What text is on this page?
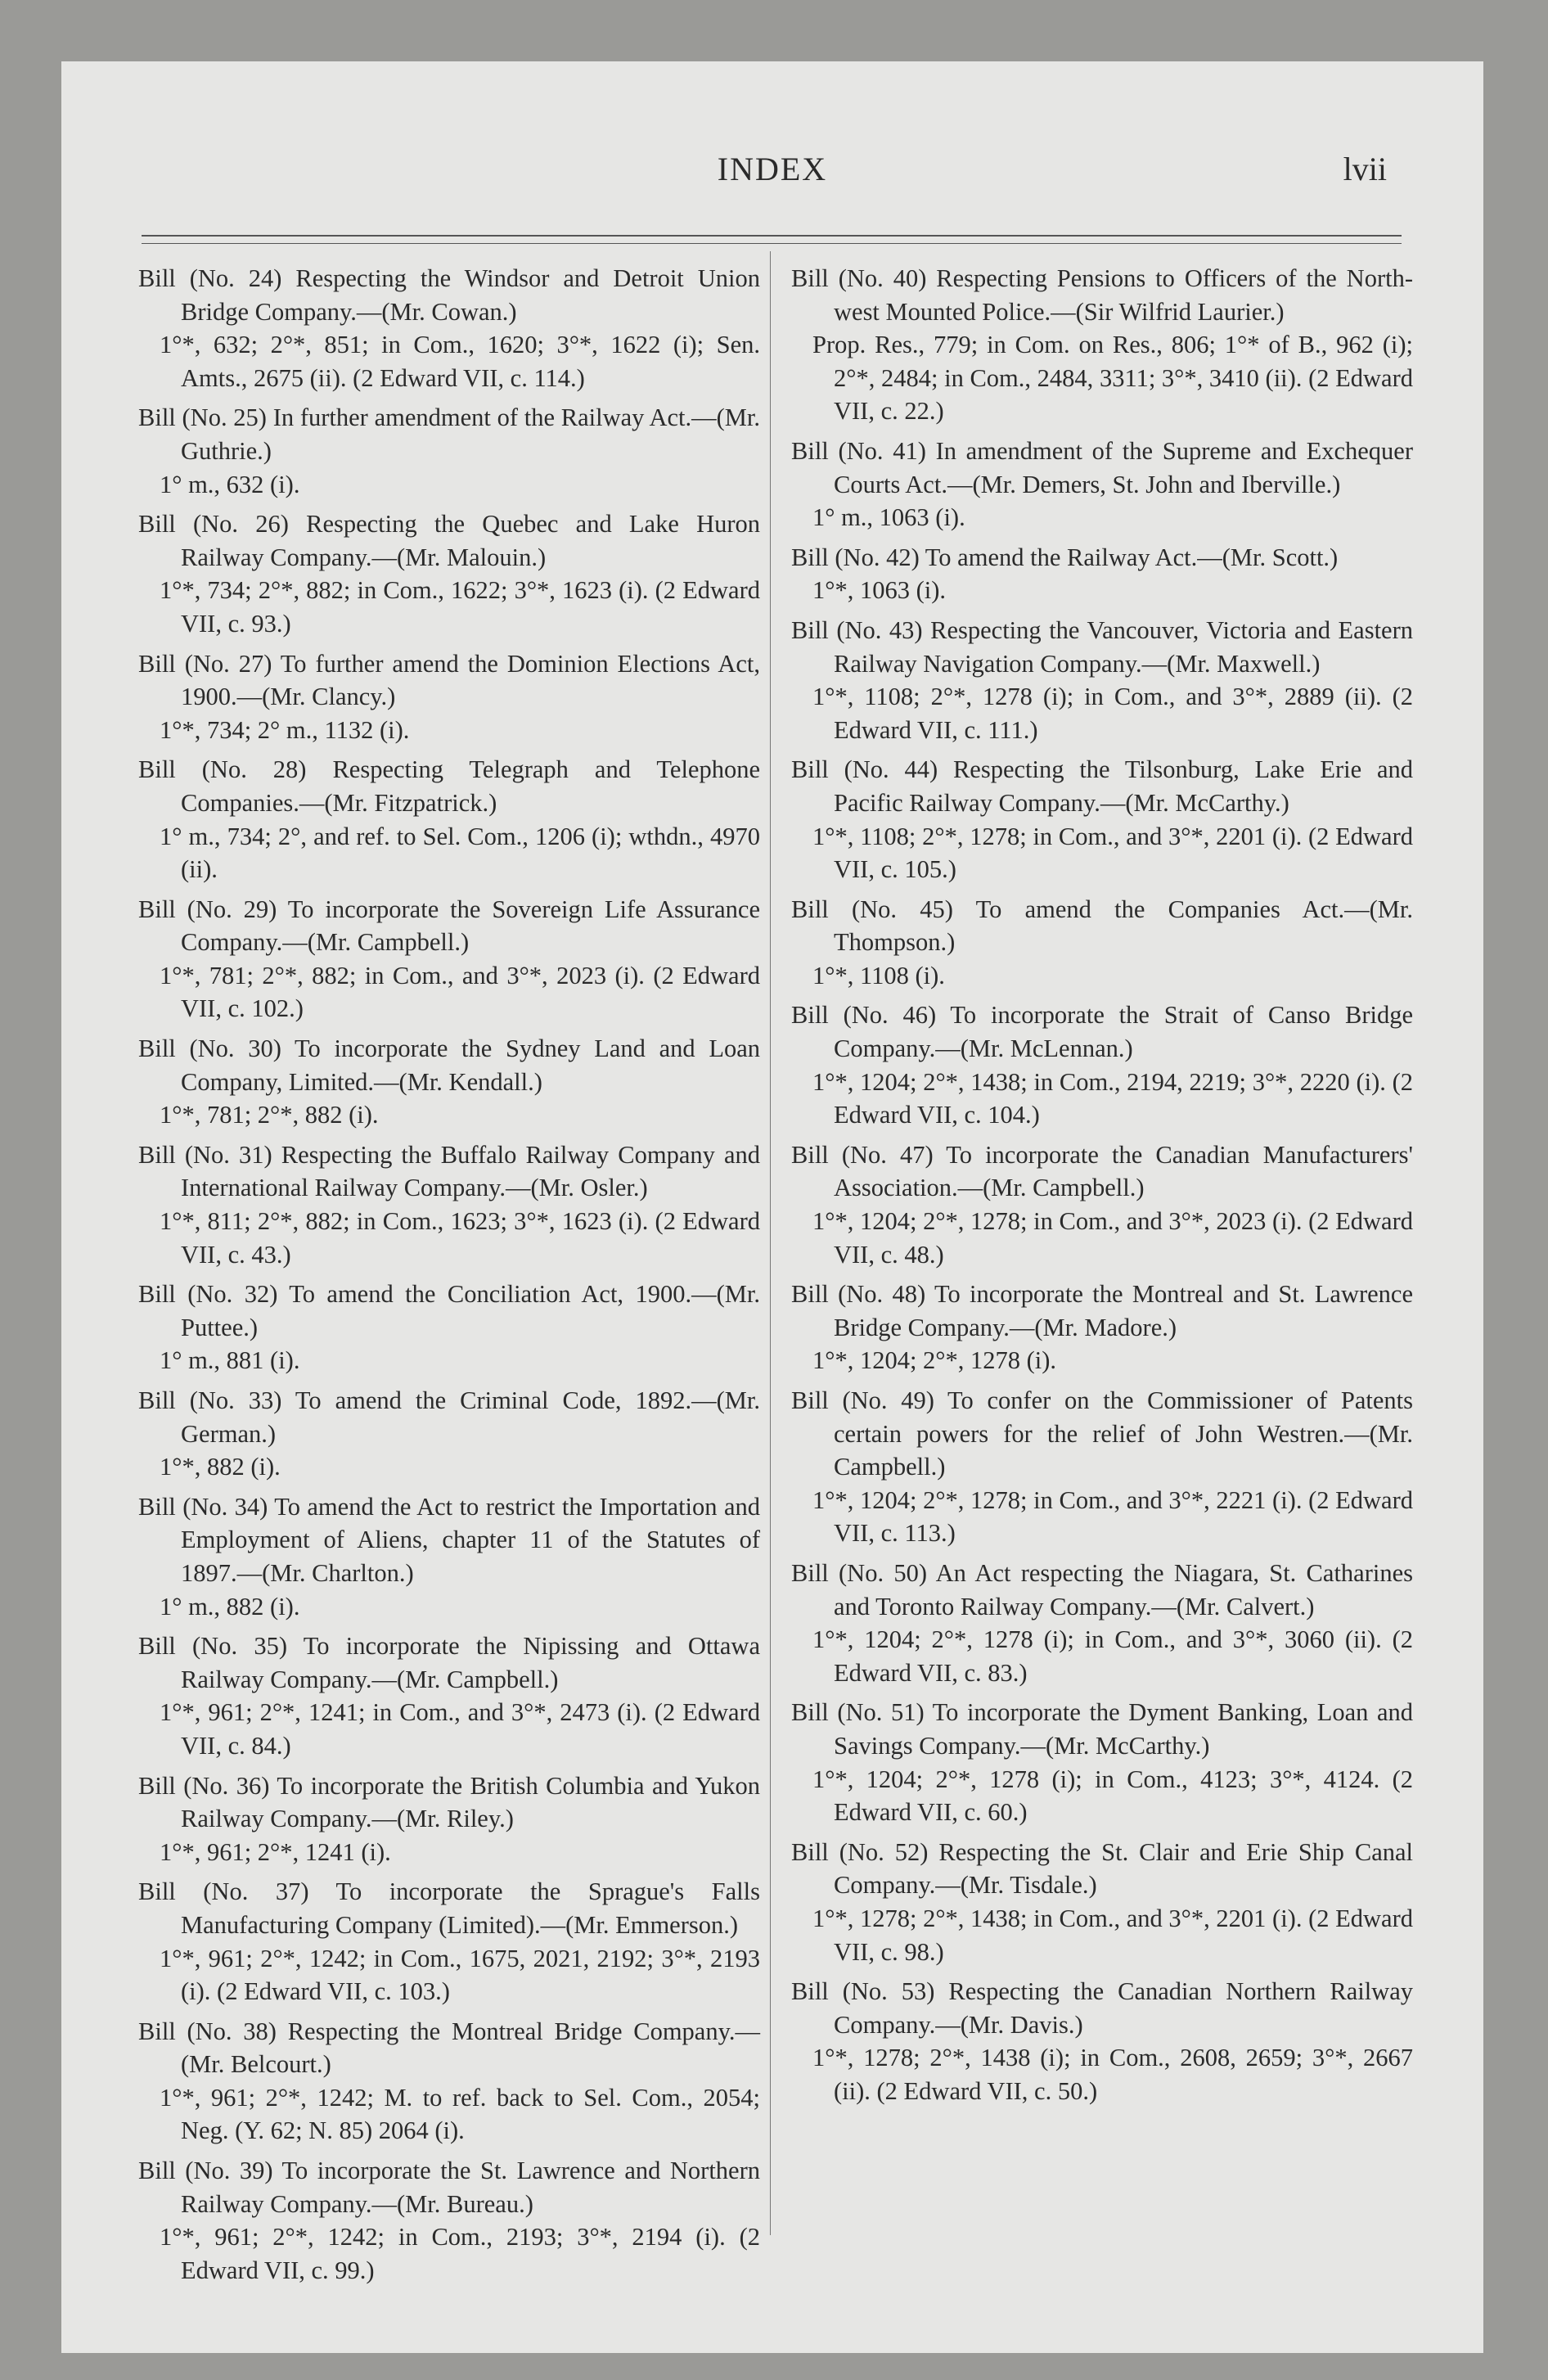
INDEX	lvii
Bill (No. 24) Respecting the Windsor and Detroit Union Bridge Company.—(Mr. Cowan.)
1°*, 632; 2°*, 851; in Com., 1620; 3°*, 1622 (i); Sen. Amts., 2675 (ii). (2 Edward VII, c. 114.)
Bill (No. 25) In further amendment of the Railway Act.—(Mr. Guthrie.)
1° m., 632 (i).
Bill (No. 26) Respecting the Quebec and Lake Huron Railway Company.—(Mr. Malouin.)
1°*, 734; 2°*, 882; in Com., 1622; 3°*, 1623 (i). (2 Edward VII, c. 93.)
Bill (No. 27) To further amend the Dominion Elections Act, 1900.—(Mr. Clancy.)
1°*, 734; 2° m., 1132 (i).
Bill (No. 28) Respecting Telegraph and Telephone Companies.—(Mr. Fitzpatrick.)
1° m., 734; 2°, and ref. to Sel. Com., 1206 (i); wthdn., 4970 (ii).
Bill (No. 29) To incorporate the Sovereign Life Assurance Company.—(Mr. Campbell.)
1°*, 781; 2°*, 882; in Com., and 3°*, 2023 (i). (2 Edward VII, c. 102.)
Bill (No. 30) To incorporate the Sydney Land and Loan Company, Limited.—(Mr. Kendall.)
1°*, 781; 2°*, 882 (i).
Bill (No. 31) Respecting the Buffalo Railway Company and International Railway Company.—(Mr. Osler.)
1°*, 811; 2°*, 882; in Com., 1623; 3°*, 1623 (i). (2 Edward VII, c. 43.)
Bill (No. 32) To amend the Conciliation Act, 1900.—(Mr. Puttee.)
1° m., 881 (i).
Bill (No. 33) To amend the Criminal Code, 1892.—(Mr. German.)
1°*, 882 (i).
Bill (No. 34) To amend the Act to restrict the Importation and Employment of Aliens, chapter 11 of the Statutes of 1897.—(Mr. Charlton.)
1° m., 882 (i).
Bill (No. 35) To incorporate the Nipissing and Ottawa Railway Company.—(Mr. Campbell.)
1°*, 961; 2°*, 1241; in Com., and 3°*, 2473 (i). (2 Edward VII, c. 84.)
Bill (No. 36) To incorporate the British Columbia and Yukon Railway Company.—(Mr. Riley.)
1°*, 961; 2°*, 1241 (i).
Bill (No. 37) To incorporate the Sprague's Falls Manufacturing Company (Limited).—(Mr. Emmerson.)
1°*, 961; 2°*, 1242; in Com., 1675, 2021, 2192; 3°*, 2193 (i). (2 Edward VII, c. 103.)
Bill (No. 38) Respecting the Montreal Bridge Company.—(Mr. Belcourt.)
1°*, 961; 2°*, 1242; M. to ref. back to Sel. Com., 2054; Neg. (Y. 62; N. 85) 2064 (i).
Bill (No. 39) To incorporate the St. Lawrence and Northern Railway Company.—(Mr. Bureau.)
1°*, 961; 2°*, 1242; in Com., 2193; 3°*, 2194 (i). (2 Edward VII, c. 99.)
Bill (No. 40) Respecting Pensions to Officers of the North-west Mounted Police.—(Sir Wilfrid Laurier.)
Prop. Res., 779; in Com. on Res., 806; 1°* of B., 962 (i); 2°*, 2484; in Com., 2484, 3311; 3°*, 3410 (ii). (2 Edward VII, c. 22.)
Bill (No. 41) In amendment of the Supreme and Exchequer Courts Act.—(Mr. Demers, St. John and Iberville.)
1° m., 1063 (i).
Bill (No. 42) To amend the Railway Act.—(Mr. Scott.)
1°*, 1063 (i).
Bill (No. 43) Respecting the Vancouver, Victoria and Eastern Railway Navigation Company.—(Mr. Maxwell.)
1°*, 1108; 2°*, 1278 (i); in Com., and 3°*, 2889 (ii). (2 Edward VII, c. 111.)
Bill (No. 44) Respecting the Tilsonburg, Lake Erie and Pacific Railway Company.—(Mr. McCarthy.)
1°*, 1108; 2°*, 1278; in Com., and 3°*, 2201 (i). (2 Edward VII, c. 105.)
Bill (No. 45) To amend the Companies Act.—(Mr. Thompson.)
1°*, 1108 (i).
Bill (No. 46) To incorporate the Strait of Canso Bridge Company.—(Mr. McLennan.)
1°*, 1204; 2°*, 1438; in Com., 2194, 2219; 3°*, 2220 (i). (2 Edward VII, c. 104.)
Bill (No. 47) To incorporate the Canadian Manufacturers' Association.—(Mr. Campbell.)
1°*, 1204; 2°*, 1278; in Com., and 3°*, 2023 (i). (2 Edward VII, c. 48.)
Bill (No. 48) To incorporate the Montreal and St. Lawrence Bridge Company.—(Mr. Madore.)
1°*, 1204; 2°*, 1278 (i).
Bill (No. 49) To confer on the Commissioner of Patents certain powers for the relief of John Westren.—(Mr. Campbell.)
1°*, 1204; 2°*, 1278; in Com., and 3°*, 2221 (i). (2 Edward VII, c. 113.)
Bill (No. 50) An Act respecting the Niagara, St. Catharines and Toronto Railway Company.—(Mr. Calvert.)
1°*, 1204; 2°*, 1278 (i); in Com., and 3°*, 3060 (ii). (2 Edward VII, c. 83.)
Bill (No. 51) To incorporate the Dyment Banking, Loan and Savings Company.—(Mr. McCarthy.)
1°*, 1204; 2°*, 1278 (i); in Com., 4123; 3°*, 4124. (2 Edward VII, c. 60.)
Bill (No. 52) Respecting the St. Clair and Erie Ship Canal Company.—(Mr. Tisdale.)
1°*, 1278; 2°*, 1438; in Com., and 3°*, 2201 (i). (2 Edward VII, c. 98.)
Bill (No. 53) Respecting the Canadian Northern Railway Company.—(Mr. Davis.)
1°*, 1278; 2°*, 1438 (i); in Com., 2608, 2659; 3°*, 2667 (ii). (2 Edward VII, c. 50.)
